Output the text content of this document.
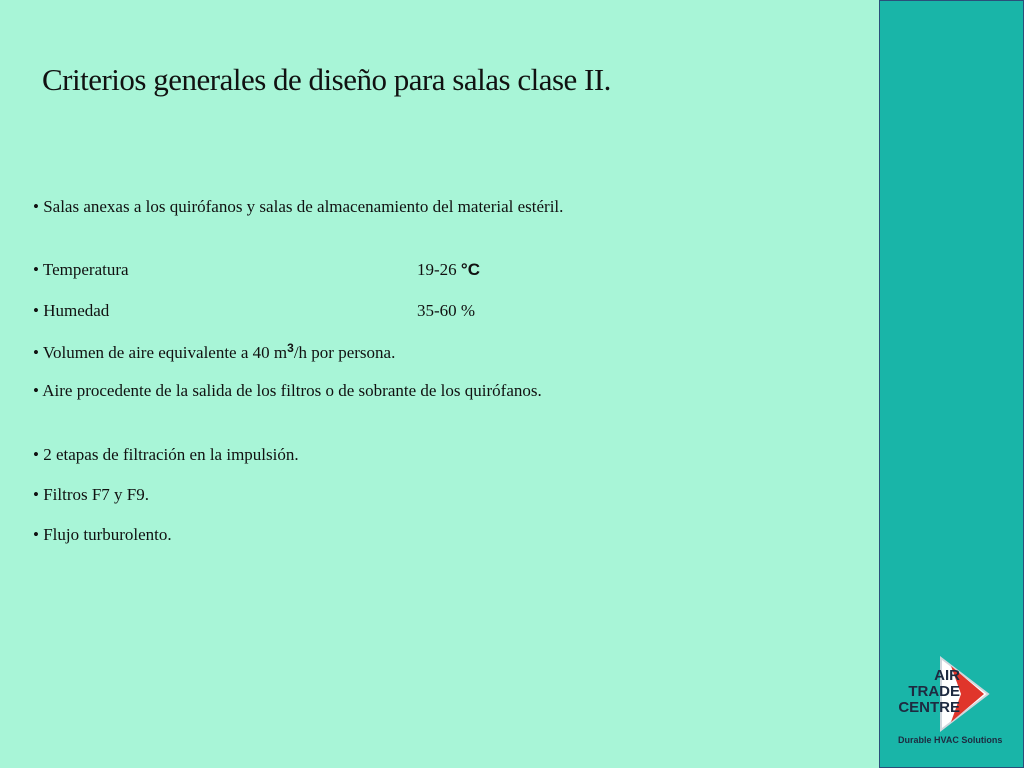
Criterios generales de diseño para salas clase II.
• Salas anexas a los quirófanos y salas de almacenamiento del material estéril.
• Temperatura	19-26 °C
• Humedad	35-60 %
• Volumen de aire equivalente a 40 $m^3/h$ por persona.
• Aire procedente de la salida de los filtros o de sobrante de los quirófanos.
• 2 etapas de filtración en la impulsión.
• Filtros F7 y F9.
• Flujo turburolento.
AIR
TRADE
CENTRE
Durable HVAC Solutions
